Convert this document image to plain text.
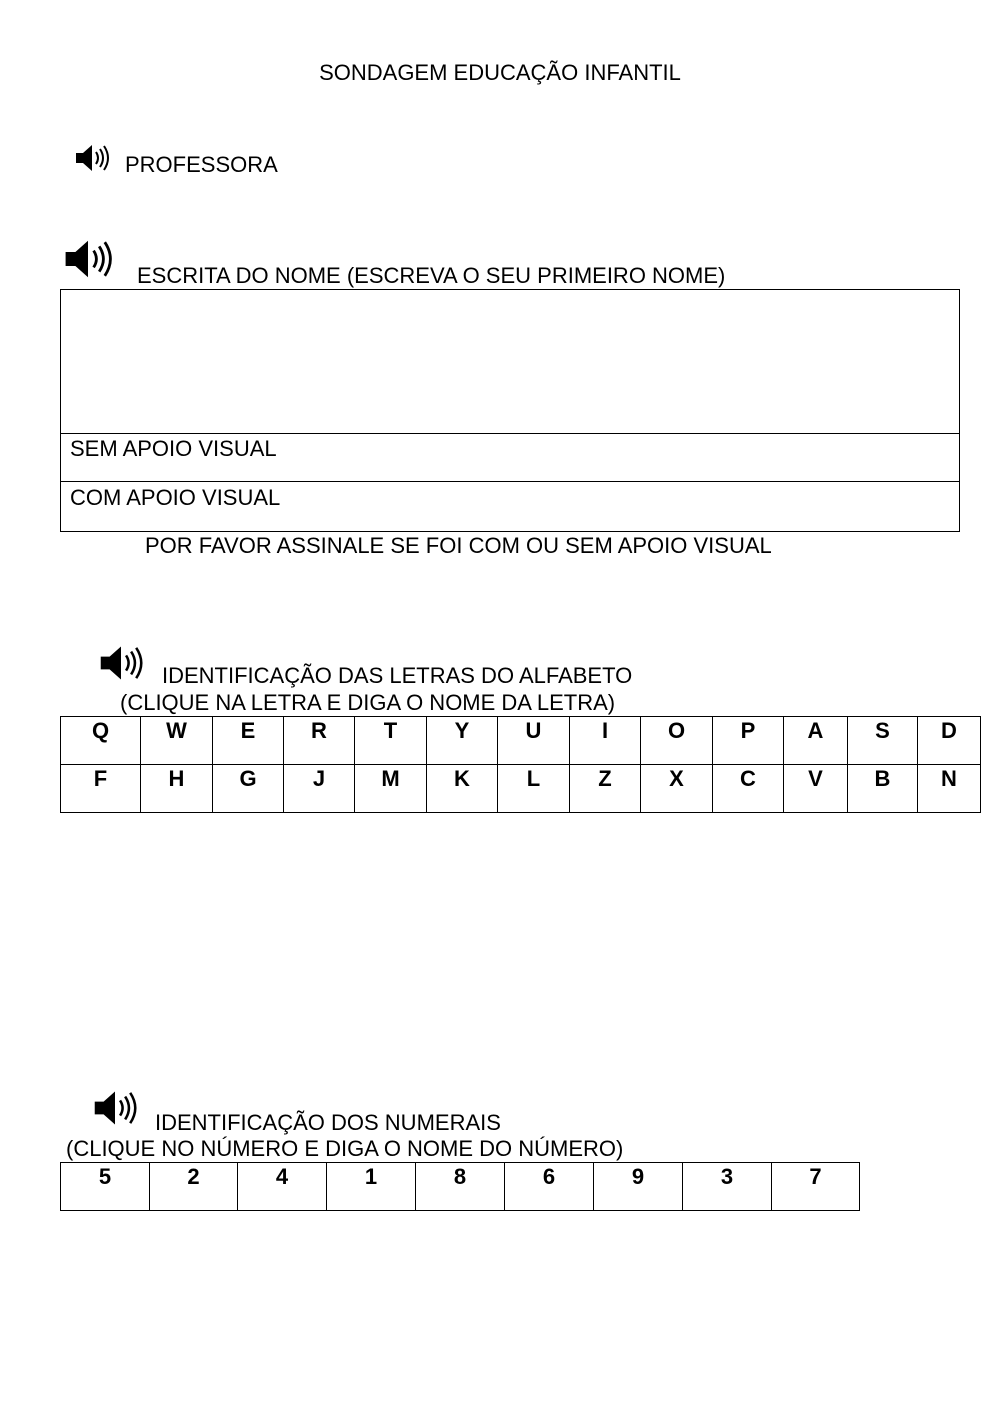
SONDAGEM EDUCAÇÃO INFANTIL
PROFESSORA
ESCRITA DO NOME (ESCREVA O SEU PRIMEIRO NOME)
SEM APOIO VISUAL
COM APOIO VISUAL
POR FAVOR ASSINALE SE FOI COM OU SEM APOIO VISUAL
IDENTIFICAÇÃO DAS LETRAS DO ALFABETO
(CLIQUE NA LETRA E DIGA O NOME DA LETRA)
Q	W	E	R	T	Y	U	I	O	P	A	S	D
F	H	G	J	M	K	L	Z	X	C	V	B	N
IDENTIFICAÇÃO DOS NUMERAIS
(CLIQUE NO NÚMERO E DIGA O NOME DO NÚMERO)
5	2	4	1	8	6	9	3	7
